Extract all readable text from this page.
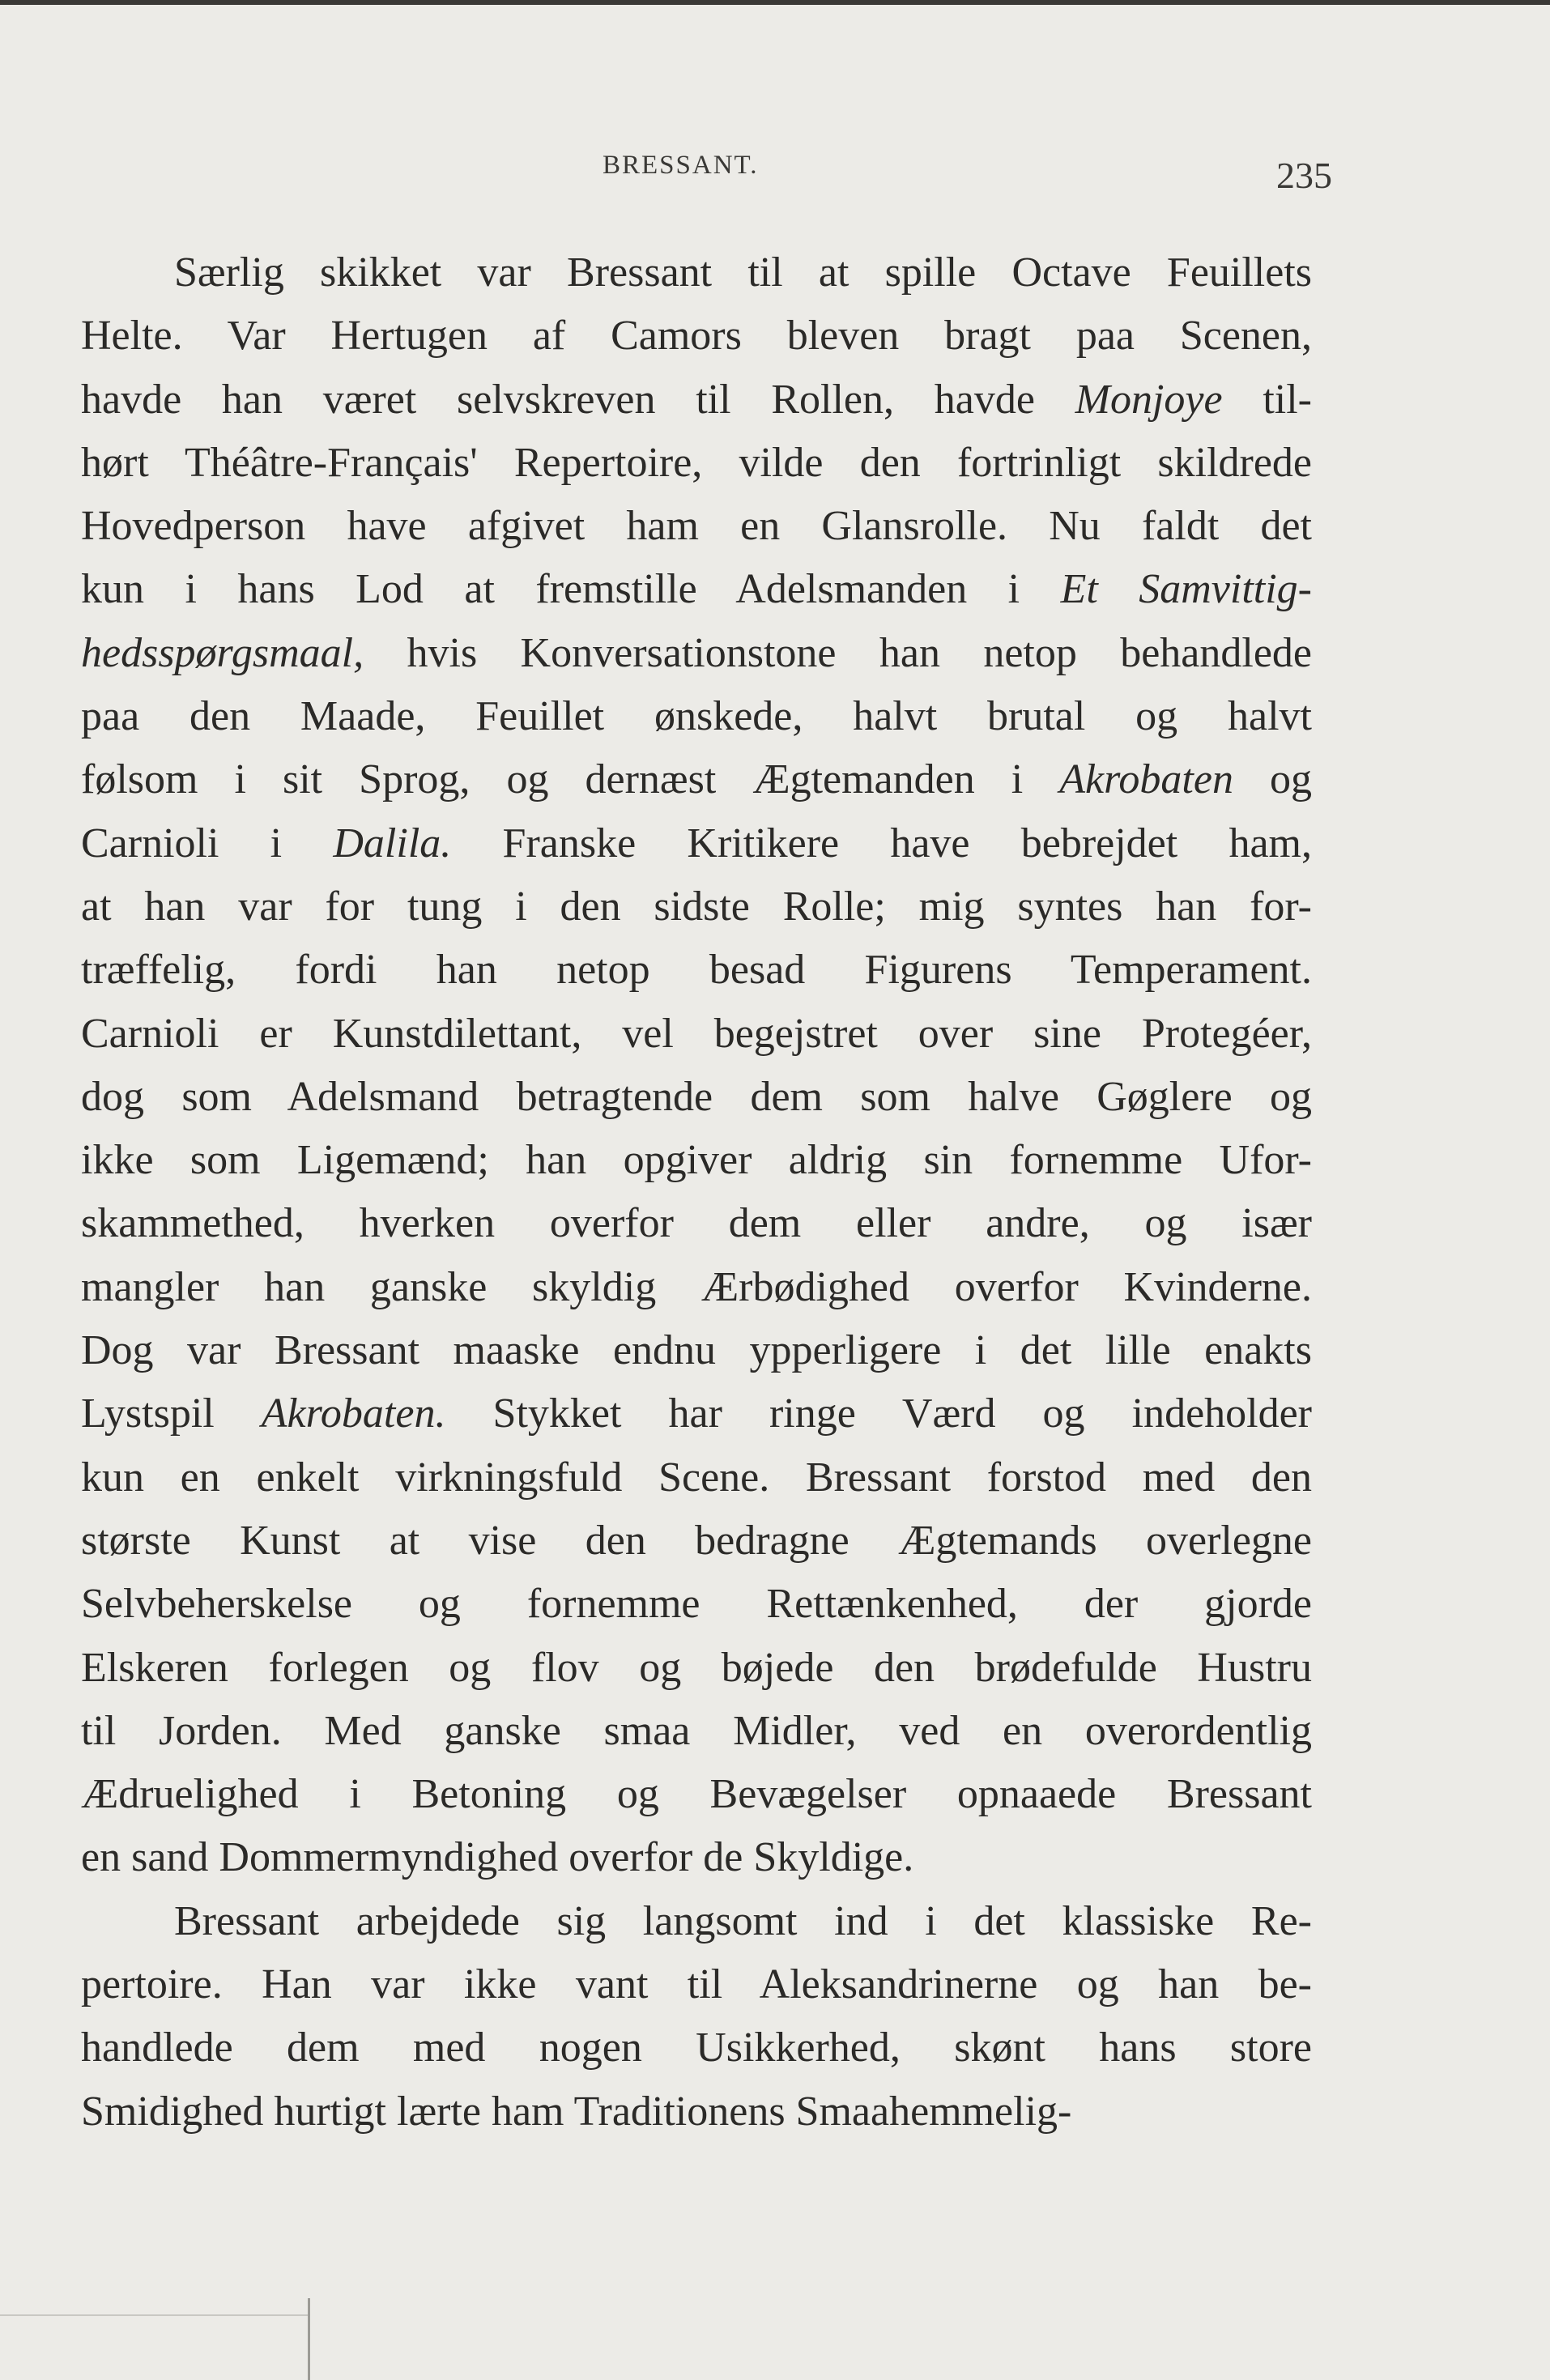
BRESSANT.	235
Særlig skikket var Bressant til at spille Octave Feuillets
Helte. Var Hertugen af Camors bleven bragt paa Scenen,
havde han været selvskreven til Rollen, havde Monjoye til-
hørt Théâtre-Français' Repertoire, vilde den fortrinligt skildrede
Hovedperson have afgivet ham en Glansrolle. Nu faldt det
kun i hans Lod at fremstille Adelsmanden i Et Samvittig-
hedsspørgsmaal, hvis Konversationstone han netop behandlede
paa den Maade, Feuillet ønskede, halvt brutal og halvt
følsom i sit Sprog, og dernæst Ægtemanden i Akrobaten og
Carnioli i Dalila. Franske Kritikere have bebrejdet ham,
at han var for tung i den sidste Rolle; mig syntes han for-
træffelig, fordi han netop besad Figurens Temperament.
Carnioli er Kunstdilettant, vel begejstret over sine Protegéer,
dog som Adelsmand betragtende dem som halve Gøglere og
ikke som Ligemænd; han opgiver aldrig sin fornemme Ufor-
skammethed, hverken overfor dem eller andre, og især
mangler han ganske skyldig Ærbødighed overfor Kvinderne.
Dog var Bressant maaske endnu ypperligere i det lille enakts
Lystspil Akrobaten. Stykket har ringe Værd og indeholder
kun en enkelt virkningsfuld Scene. Bressant forstod med den
største Kunst at vise den bedragne Ægtemands overlegne
Selvbeherskelse og fornemme Rettænkenhed, der gjorde
Elskeren forlegen og flov og bøjede den brødefulde Hustru
til Jorden. Med ganske smaa Midler, ved en overordentlig
Ædruelighed i Betoning og Bevægelser opnaaede Bressant
en sand Dommermyndighed overfor de Skyldige.
Bressant arbejdede sig langsomt ind i det klassiske Re-
pertoire. Han var ikke vant til Aleksandrinerne og han be-
handlede dem med nogen Usikkerhed, skønt hans store
Smidighed hurtigt lærte ham Traditionens Smaahemmelig-
